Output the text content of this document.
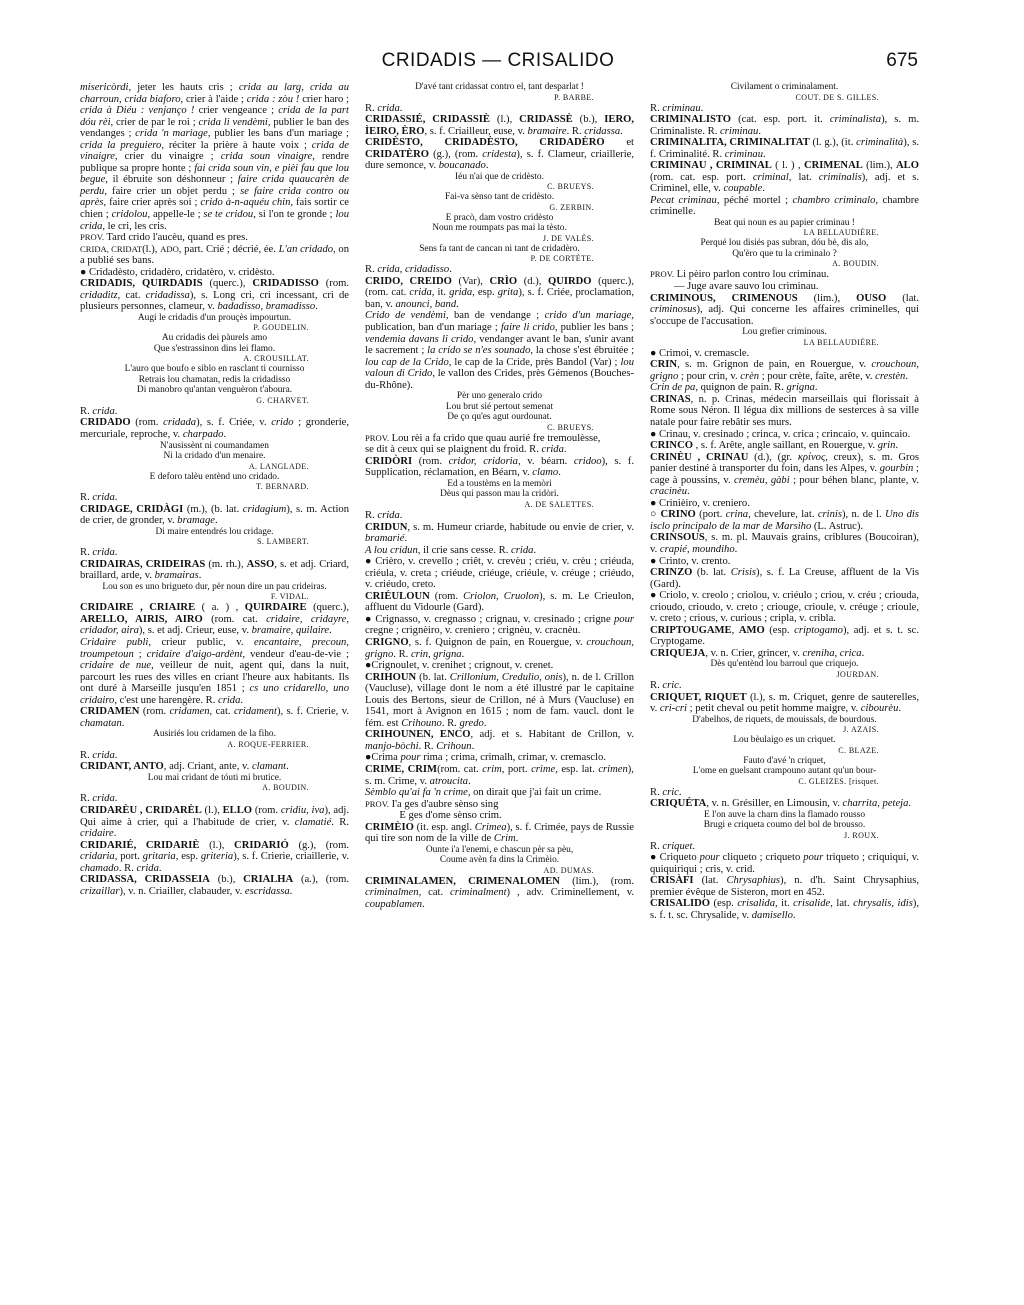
CRIDADIS — CRISALIDO	675

misericòrdi, jeter les hauts cris ; crida au larg, crida au charroun, crida biaforo, crier à l'aide ; crida : zòu ! crier haro ; crida à Diéu : venjanço ! crier vengeance ; crida de la part dóu rèi, crier de par le roi ; crida li vendèmi, publier le ban des vendanges ; crida 'n mariage, publier les bans d'un mariage ; crida la preguiero, réciter la prière à haute voix ; crida de vinaigre, crier du vinaigre ; crida soun vinaigre, rendre publique sa propre honte ; fai crida soun vin, e pièi fau que lou begue, il ébruite son déshonneur ; faire crida quaucarèn de perdu, faire crier un objet perdu ; se faire crida contro ou après, faire crier après soi ; crido à-n-aquéu chin, fais sortir ce chien ; cridolou, appelle-le ; se te cridou, si l'on te gronde ; lou crida, le cri, les cris.

PROV. Tard crido l'aucèu, quand es pres.

CRIDA, CRIDAT(l.), ADO, part. Crié ; décrié, ée. L'an cridado, on a publié ses bans.

● Cridadèsto, cridadèro, cridatèro, v. cridèsto.

CRIDADIS, QUIRDADIS (querc.), CRIDADISSO (rom. cridaditz, cat. cridadissa), s. Long cri, cri incessant, cri de plusieurs personnes, clameur, v. badadisso, bramadisso.

Augi le cridadis d'un prouçès impourtun.

P. GOUDELIN.

Au cridadis dei pàurels amo
Que s'estrassinon dins lei flamo.

A. CROUSILLAT.

L'auro que boufo e siblo en rasclant ti cournisso
Retrais lou chamatan, redis la cridadisso
Di manobro qu'antan venguèron t'aboura.

G. CHARVET.

R. crida.

CRIDADO (rom. cridada), s. f. Criée, v. crido ; gronderie, mercuriale, reproche, v. charpado.

N'ausissènt ni coumandamen
Ni la cridado d'un menaire.

A. LANGLADE.

E deforo talèu entènd uno cridado.

T. BERNARD.

R. crida.

CRIDAGE, CRIDÀGI (m.), (b. lat. cridagium), s. m. Action de crier, de gronder, v. bramage.

Di maire entendrés lou cridage.

S. LAMBERT.

R. crida.

CRIDAIRAS, CRIDEIRAS (m. rh.), ASSO, s. et adj. Criard, braillard, arde, v. bramairas.

Lou son es uno brigueto dur, pèr noun dire un pau crideiras.

F. VIDAL.

CRIDAIRE , CRIAIRE ( a. ) , QUIRDAIRE (querc.), ARELLO, AIRIS, AIRO (rom. cat. cridaire, cridayre, cridador, aira), s. et adj. Crieur, euse, v. bramaire, quilaire.

Cridaire publi, crieur public, v. encantaire, precoun, troumpetoun ; cridaire d'aigo-ardènt, vendeur d'eau-de-vie ; cridaire de nue, veilleur de nuit, agent qui, dans la nuit, parcourt les rues des villes en criant l'heure aux habitants. Ils ont duré à Marseille jusqu'en 1851 ; cs uno cridarello, uno cridairo, c'est une harengère. R. crida.

CRIDAMEN (rom. cridamen, cat. cridament), s. f. Crierie, v. chamatan.

Ausiriés lou cridamen de la fiho.

A. ROQUE-FERRIER.

R. crida.

CRIDANT, ANTO, adj. Criant, ante, v. clamant.

Lou mai cridant de tóuti mi brutice.

A. BOUDIN.

R. crida.

CRIDARÈU , CRIDARÈL (l.), ELLO (rom. cridiu, iva), adj. Qui aime à crier, qui a l'habitude de crier, v. clamatié. R. cridaire.

CRIDARIÉ, CRIDARIÈ (l.), CRIDARIÓ (g.), (rom. cridaria, port. gritaria, esp. griteria), s. f. Crierie, criaillerie, v. chamado. R. crida.

CRIDASSA, CRIDASSEIA (b.), CRIALHA (a.), (rom. crizaillar), v. n. Criailler, clabauder, v. escridassa.

D'avé tant cridassat contro el, tant desparlat !

P. BARBE.

R. crida.

CRIDASSIÉ, CRIDASSIÈ (l.), CRIDASSÈ (b.), IERO, ÌEIRO, ÈRO, s. f. Criailleur, euse, v. bramaire. R. cridassa.

CRIDÈSTO, CRIDADÈSTO, CRIDADÈRO et CRIDATÈRO (g.), (rom. cridesta), s. f. Clameur, criaillerie, dure semonce, v. boucanado.

Iéu n'ai que de cridèsto.

C. BRUEYS.

Fai-va sènso tant de cridèsto.

G. ZERBIN.

E pracò, dam vostro cridèsto
Noun me roumpats pas mai la tèsto.

J. DE VALÈS.

Sens fa tant de cancan ni tant de cridadèro.

P. DE CORTÈTE.

R. crida, cridadisso.

CRIDO, CREIDO (Var), CRÌO (d.), QUIRDO (querc.), (rom. cat. crida, it. grida, esp. grita), s. f. Criée, proclamation, ban, v. anounci, band.

Crido de vendèmi, ban de vendange ; crido d'un mariage, publication, ban d'un mariage ; faire li crido, publier les bans ; vendemia davans li crido, vendanger avant le ban, s'unir avant le sacrement ; la crido se n'es sounado, la chose s'est ébruitée ; lou cap de la Crido, le cap de la Cride, près Bandol (Var) ; lou valoun di Crido, le vallon des Crides, près Gémenos (Bouches-du-Rhône).

Pèr uno generalo crido
Lou brut sié pertout semenat
De ço qu'es agut ourdounat.

C. BRUEYS.

PROV. Lou rèi a fa crido que quau aurié fre tremoulèsse,

se dit à ceux qui se plaignent du froid. R. crida.

CRIDÒRI (rom. cridor, cridoria, v. béarn. cridoo), s. f. Supplication, réclamation, en Béarn, v. clamo.

Ed a toustèms en la memòri
Dèus qui passon mau la cridòri.

A. DE SALETTES.

R. crida.

CRIDUN, s. m. Humeur criarde, habitude ou envie de crier, v. bramarié.

A lou cridun, il crie sans cesse. R. crida.

● Crièro, v. crevello ; criêt, v. crevèu ; criéu, v. crèu ; criéuda, criéula, v. creta ; criéude, criéuge, criéule, v. créuge ; criéudo, v. criéudo, creto.

CRIÉULOUN (rom. Criolon, Cruolon), s. m. Le Crieulon, affluent du Vidourle (Gard).

● Crignasso, v. cregnasso ; crignau, v. cresinado ; crigne pour cregne ; crignèiro, v. creniero ; crignèu, v. cracnèu.

CRIGNO, s. f. Quignon de pain, en Rouergue, v. crouchoun, grigno. R. crin, grigna.

●Crignoulet, v. crenihet ; crignout, v. crenet.

CRIHOUN (b. lat. Crillonium, Credulio, onis), n. de l. Crillon (Vaucluse), village dont le nom a été illustré par le capitaine Louis des Bertons, sieur de Crillon, né à Murs (Vaucluse) en 1541, mort à Avignon en 1615 ; nom de fam. vaucl. dont le fém. est Crihouno. R. gredo.

CRIHOUNEN, ENCO, adj. et s. Habitant de Crillon, v. manjo-bòchi. R. Crihoun.

●Crima pour rima ; crima, crimalh, crimar, v. cremasclo.

CRIME, CRIM(rom. cat. crim, port. crime, esp. lat. crimen), s. m. Crime, v. atroucita.

Sèmblo qu'ai fa 'n crime, on dirait que j'ai fait un crime.

PROV. I'a ges d'aubre sènso sing
E ges d'ome sènso crim.

CRIMÈIO (it. esp. angl. Crimea), s. f. Crimée, pays de Russie qui tire son nom de la ville de Crim.

Ounte i'a l'enemi, e chascun pèr sa pèu,
Coume avèn fa dins la Crimèio.

AD. DUMAS.

CRIMINALAMEN, CRIMENALOMEN (lim.), (rom. criminalmen, cat. criminalment) , adv. Criminellement, v. coupablamen.

Civilament o criminalament.

COUT. DE S. GILLES.

R. criminau.

CRIMINALISTO (cat. esp. port. it. criminalista), s. m. Criminaliste. R. criminau.

CRIMINALITA, CRIMINALITAT (l. g.), (it. criminalità), s. f. Criminalité. R. criminau.

CRIMINAU , CRIMINAL ( l. ) , CRIMENAL (lim.), ALO (rom. cat. esp. port. criminal, lat. criminalis), adj. et s. Criminel, elle, v. coupable.

Pecat criminau, péché mortel ; chambro criminalo, chambre criminelle.

Beat qui noun es au papier criminau !

LA BELLAUDIÈRE.

Perqué lou disiés pas subran, dóu bè, dis alo,
Qu'èro que tu la criminalo ?

A. BOUDIN.

PROV. Li pèiro parlon contro lou criminau.
— Juge avare sauvo lou criminau.

CRIMINOUS, CRIMENOUS (lim.), OUSO (lat. criminosus), adj. Qui concerne les affaires criminelles, qui s'occupe de l'accusation.

Lou grefier criminous.

LA BELLAUDIÈRE.

● Crimoi, v. cremascle.

CRIN, s. m. Grignon de pain, en Rouergue, v. crouchoun, grigno ; pour crin, v. crèn ; pour crète, faîte, arête, v. crestèn.

Crin de pa, quignon de pain. R. grigna.

CRINAS, n. p. Crinas, médecin marseillais qui florissait à Rome sous Néron. Il légua dix millions de sesterces à sa ville natale pour faire rebâtir ses murs.

● Crinau, v. cresinado ; crinca, v. crica ; crincaio, v. quincaio.

CRINCO , s. f. Arête, angle saillant, en Rouergue, v. grin.

CRINÈU , CRINAU (d.), (gr. κρίνος, creux), s. m. Gros panier destiné à transporter du foin, dans les Alpes, v. gourbin ; cage à poussins, v. cremèu, gàbi ; pour béhen blanc, plante, v. cracinèu.

● Crinièiro, v. creniero.

○ CRINO (port. crina, chevelure, lat. crinis), n. de l. Uno dis isclo principalo de la mar de Marsiho (L. Astruc).

CRINSOUS, s. m. pl. Mauvais grains, criblures (Boucoiran), v. crapié, moundiho.

● Crinto, v. crento.

CRINZO (b. lat. Crisis), s. f. La Creuse, affluent de la Vis (Gard).

● Criolo, v. creolo ; criolou, v. criéulo ; criou, v. créu ; criouda, crioudo, crioudo, v. creto ; criouge, crioule, v. créuge ; crioule, v. creto ; crious, v. curious ; cripla, v. cribla.

CRIPTOUGAME, AMO (esp. criptogamo), adj. et s. t. sc. Cryptogame.

CRIQUEJA, v. n. Crier, grincer, v. creniha, crica.

Dès qu'entènd lou barroul que criquejo.

JOURDAN.

R. cric.

CRIQUET, RIQUET (l.), s. m. Criquet, genre de sauterelles, v. cri-cri ; petit cheval ou petit homme maigre, v. cibourèu.

D'abelhos, de riquets, de mouissals, de bourdous.

J. AZAIS.

Lou bèulaigo es un criquet.

C. BLAZE.

Fauto d'avé 'n criquet,
L'ome en guelsant crampouno autant qu'un bour-

C. GLEIZES. [risquet.

R. cric.

CRIQUÉTA, v. n. Grésiller, en Limousin, v. charrita, peteja.

E l'on auve la charn dins la flamado rousso
Brugi e criqueta coumo del bol de brousso.

J. ROUX.

R. criquet.

● Criqueto pour cliqueto ; criqueto pour triqueto ; criquiqui, v. quiquiriqui ; cris, v. crid.

CRISÀFI (lat. Chrysaphius), n. d'h. Saint Chrysaphius, premier évêque de Sisteron, mort en 452.

CRISALIDO (esp. crisalida, it. crisalide, lat. chrysalis, idis), s. f. t. sc. Chrysalide, v. damisello.
